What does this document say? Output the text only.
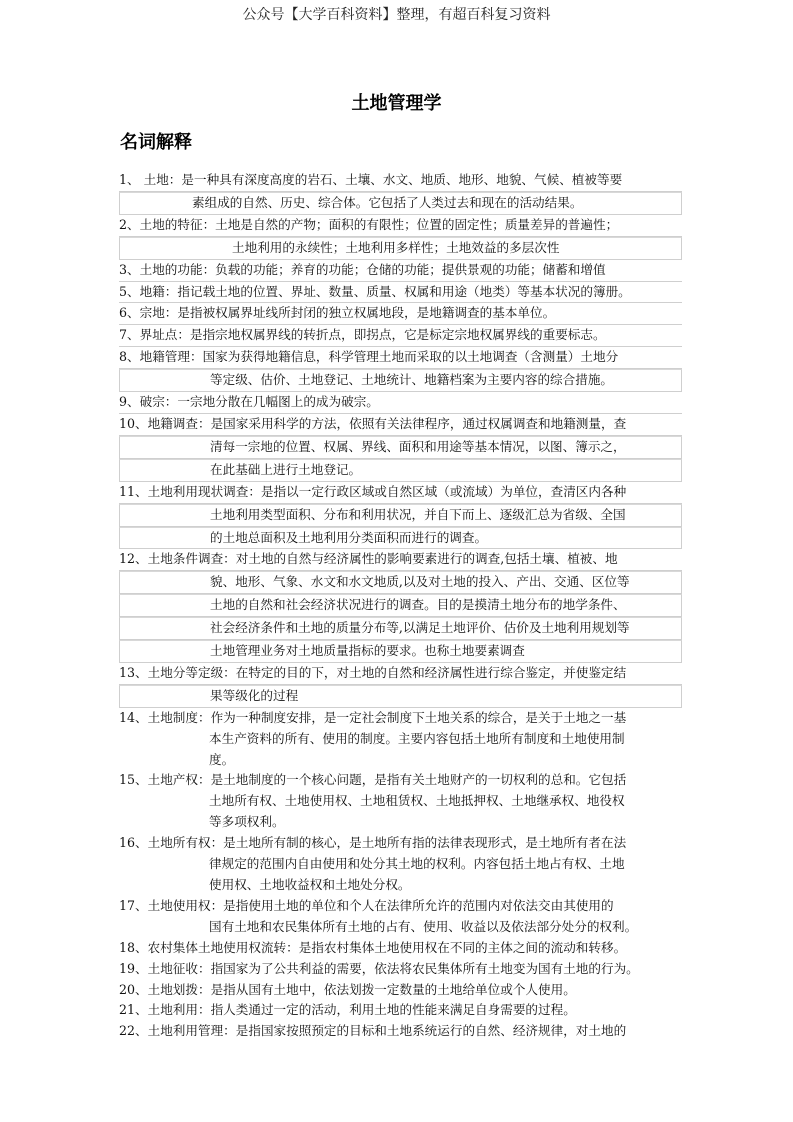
公众号【大学百科资料】整理，有超百科复习资料
土地管理学
名词解释
1、 土地：是一种具有深度高度的岩石、土壤、水文、地质、地形、地貌、气候、植被等要
素组成的自然、历史、综合体。它包括了人类过去和现在的活动结果。
2、土地的特征：土地是自然的产物；面积的有限性；位置的固定性；质量差异的普遍性；
土地利用的永续性；土地利用多样性；土地效益的多层次性
3、土地的功能：负载的功能；养育的功能；仓储的功能；提供景观的功能；储蓄和增值
5、地籍：指记载土地的位置、界址、数量、质量、权属和用途（地类）等基本状况的簿册。
6、宗地：是指被权属界址线所封闭的独立权属地段，是地籍调查的基本单位。
7、界址点：是指宗地权属界线的转折点，即拐点，它是标定宗地权属界线的重要标志。
8、地籍管理：国家为获得地籍信息，科学管理土地而采取的以土地调查（含测量）土地分
等定级、估价、土地登记、土地统计、地籍档案为主要内容的综合措施。
9、破宗：一宗地分散在几幅图上的成为破宗。
10、地籍调查：是国家采用科学的方法，依照有关法律程序，通过权属调查和地籍测量，查
清每一宗地的位置、权属、界线、面积和用途等基本情况，以图、簿示之，
在此基础上进行土地登记。
11、土地利用现状调查：是指以一定行政区域或自然区域（或流域）为单位，查清区内各种
土地利用类型面积、分布和利用状况，并自下而上、逐级汇总为省级、全国
的土地总面积及土地利用分类面积而进行的调查。
12、土地条件调查：对土地的自然与经济属性的影响要素进行的调查,包括土壤、植被、地
貌、地形、气象、水文和水文地质,以及对土地的投入、产出、交通、区位等
土地的自然和社会经济状况进行的调查。目的是摸清土地分布的地学条件、
社会经济条件和土地的质量分布等,以满足土地评价、估价及土地利用规划等
土地管理业务对土地质量指标的要求。也称土地要素调查
13、土地分等定级：在特定的目的下，对土地的自然和经济属性进行综合鉴定，并使鉴定结
果等级化的过程
14、土地制度：作为一种制度安排，是一定社会制度下土地关系的综合，是关于土地之一基
本生产资料的所有、使用的制度。主要内容包括土地所有制度和土地使用制
度。
15、土地产权：是土地制度的一个核心问题，是指有关土地财产的一切权利的总和。它包括
土地所有权、土地使用权、土地租赁权、土地抵押权、土地继承权、地役权
等多项权利。
16、土地所有权：是土地所有制的核心，是土地所有指的法律表现形式，是土地所有者在法
律规定的范围内自由使用和处分其土地的权利。内容包括土地占有权、土地
使用权、土地收益权和土地处分权。
17、土地使用权：是指使用土地的单位和个人在法律所允许的范围内对依法交由其使用的
国有土地和农民集体所有土地的占有、使用、收益以及依法部分处分的权利。
18、农村集体土地使用权流转：是指农村集体土地使用权在不同的主体之间的流动和转移。
19、土地征收：指国家为了公共利益的需要，依法将农民集体所有土地变为国有土地的行为。
20、土地划拨：是指从国有土地中，依法划拨一定数量的土地给单位或个人使用。
21、土地利用：指人类通过一定的活动，利用土地的性能来满足自身需要的过程。
22、土地利用管理：是指国家按照预定的目标和土地系统运行的自然、经济规律，对土地的
